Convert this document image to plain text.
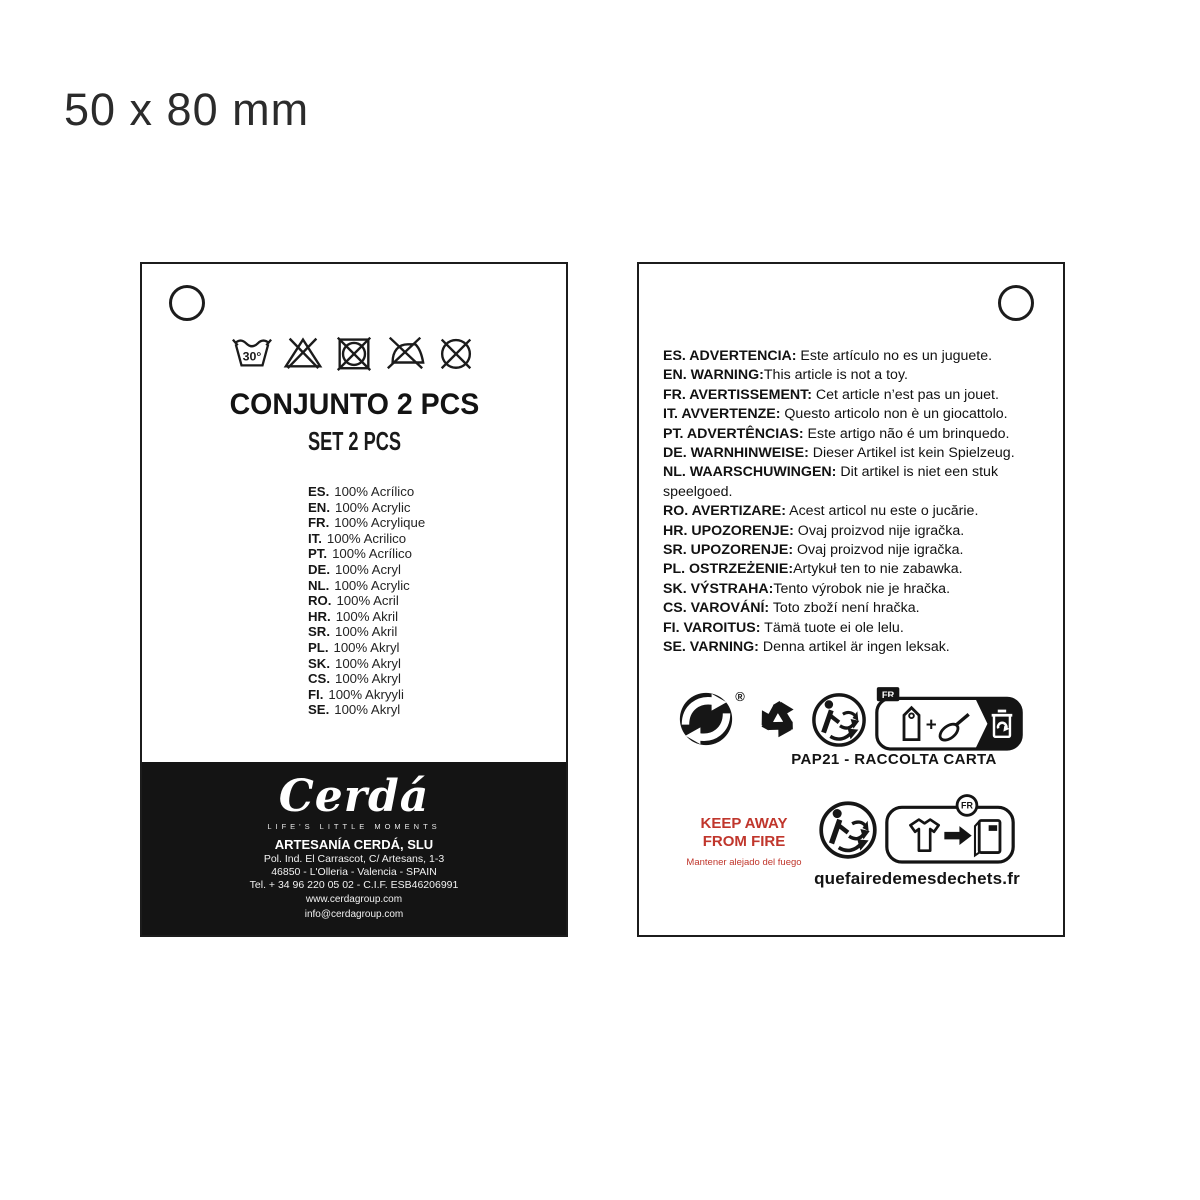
50 x 80 mm
30°
CONJUNTO 2 PCS
SET 2 PCS
ES. 100% Acrílico
EN. 100% Acrylic
FR. 100% Acrylique
IT. 100% Acrilico
PT. 100% Acrílico
DE. 100% Acryl
NL. 100% Acrylic
RO. 100% Acril
HR. 100% Akril
SR. 100% Akril
PL. 100% Akryl
SK. 100% Akryl
CS. 100% Akryl
FI. 100% Akryyli
SE. 100% Akryl
Cerdá
LIFE'S LITTLE MOMENTS
ARTESANÍA CERDÁ, SLU
Pol. Ind. El Carrascot, C/ Artesans, 1-3
46850 - L'Olleria - Valencia - SPAIN
Tel. + 34 96 220 05 02 - C.I.F. ESB46206991
www.cerdagroup.com
info@cerdagroup.com
ES. ADVERTENCIA: Este artículo no es un juguete.
EN. WARNING:This article is not a toy.
FR. AVERTISSEMENT: Cet article n’est pas un jouet.
IT. AVVERTENZE: Questo articolo non è un giocattolo.
PT. ADVERTÊNCIAS: Este artigo não é um brinquedo.
DE. WARNHINWEISE: Dieser Artikel ist kein Spielzeug.
NL. WAARSCHUWINGEN: Dit artikel is niet een stuk speelgoed.
RO. AVERTIZARE: Acest articol nu este o jucărie.
HR. UPOZORENJE: Ovaj proizvod nije igračka.
SR. UPOZORENJE: Ovaj proizvod nije igračka.
PL. OSTRZEŻENIE:Artykuł ten to nie zabawka.
SK. VÝSTRAHA:Tento výrobok nie je hračka.
CS. VAROVÁNÍ: Toto zboží není hračka.
FI. VAROITUS: Tämä tuote ei ole lelu.
SE. VARNING: Denna artikel är ingen leksak.
®	FR
+
PAP21 - RACCOLTA CARTA
KEEP AWAY
FROM FIRE
Mantener alejado del fuego
FR
quefairedemesdechets.fr
